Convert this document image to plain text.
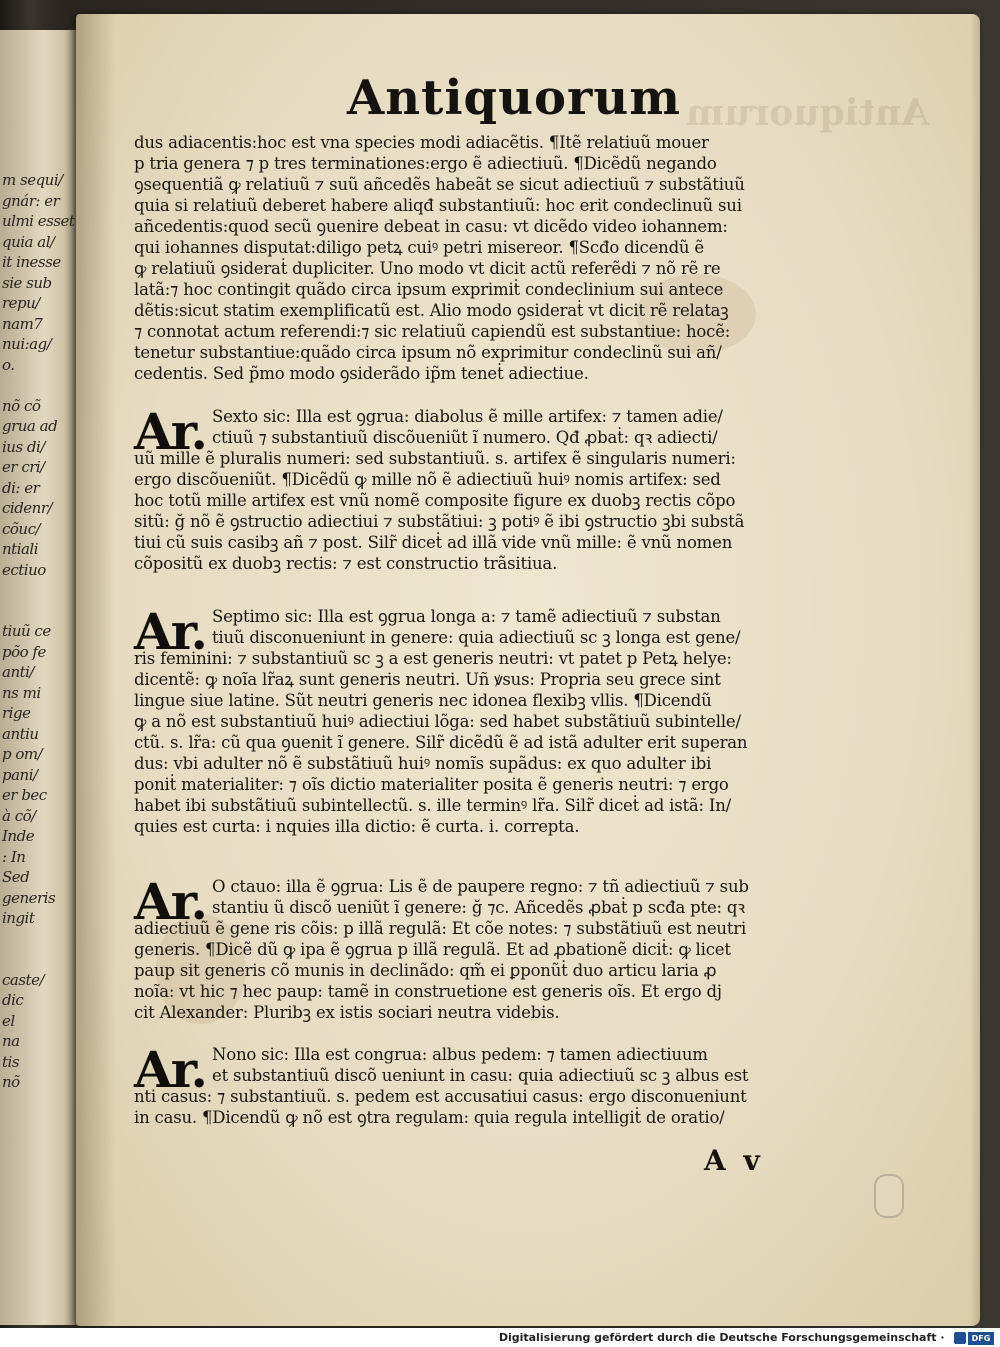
m sequi/
gnár: er
ulmi esset
quia al/
it inesse
sie sub
repu/
nam7
nui:ag/
o.

nõ cõ
grua ad
ius di/
er cri/
di: er
cidenr/
cõuc/
ntiali
ectiuo

tiuũ ce
põo fe
anti/
ns mi
rige
antiu
p om/
pani/
er bec
à cõ/
Inde
: In
Sed
generis
ingit

caste/
dic
el
na
tis
nõ
Antiquorum Antiquorum
dus adiacentis:hoc est vna species modi adiacẽtis. ¶Itẽ relatiuũ mouer
p tria genera ⁊ p tres terminationes:ergo ẽ adiectiuũ. ¶Dicẽdũ negando
ꝯsequentiã ꝙ relatiuũ ⁊ suũ añcedẽs habeãt se sicut adiectiuũ ⁊ substãtiuũ
quia si relatiuũ deberet habere aliqđ substantiuũ: hoc erit condeclinuũ sui
añcedentis:quod secũ ꝯuenire debeat in casu: vt dicẽdo video iohannem:
qui iohannes disputat:diligo petꝝ cuiꝰ petri misereor. ¶Scđo dicendũ ẽ
ꝙ relatiuũ ꝯsideraṫ dupliciter. Uno modo vt dicit actũ referẽdi ⁊ nõ rẽ re
latã:⁊ hoc contingit quãdo circa ipsum exprimiṫ condeclinium sui antece
dẽtis:sicut statim exemplificatũ est. Alio modo ꝯsideraṫ vt dicit rẽ relataꝫ
⁊ connotat actum referendi:⁊ sic relatiuũ capiendũ est substantiue: hocẽ:
tenetur substantiue:quãdo circa ipsum nõ exprimitur condeclinũ sui añ/
cedentis. Sed p̃mo modo ꝯsiderãdo ip̃m teneṫ adiectiue.
Ar. Sexto sic: Illa est ꝯgrua: diabolus ẽ mille artifex: ⁊ tamen adie/
ctiuũ ⁊ substantiuũ discõueniũt ĩ numero. Qđ ꝓbaṫ: qꝛ adiecti/
uũ mille ẽ pluralis numeri: sed substantiuũ. s. artifex ẽ singularis numeri:
ergo discõueniũt. ¶Dicẽdũ ꝙ mille nõ ẽ adiectiuũ huiꝰ nomis artifex: sed
hoc totũ mille artifex est vnũ nomẽ composite figure ex duobꝫ rectis cõpo
sitũ: ğ nõ ẽ ꝯstructio adiectiui ⁊ substãtiui: ꝫ potiꝰ ẽ ibi ꝯstructio ꝫbi substã
tiui cũ suis casibꝫ añ ⁊ post. Silr̃ diceṫ ad illã vide vnũ mille: ẽ vnũ nomen
cõpositũ ex duobꝫ rectis: ⁊ est constructio trãsitiua.
Ar. Septimo sic: Illa est ꝯgrua longa a: ⁊ tamẽ adiectiuũ ⁊ substan
tiuũ disconueniunt in genere: quia adiectiuũ sc ꝫ longa est gene/
ris feminini: ⁊ substantiuũ sc ꝫ a est generis neutri: vt patet p Petꝝ helye:
dicentẽ: ꝙ noĩa lr̃aꝝ sunt generis neutri. Uñ ꝟsus: Propria seu grece sint
lingue siue latine. Sũt neutri generis nec idonea flexibꝫ vllis. ¶Dicendũ
ꝙ a nõ est substantiuũ huiꝰ adiectiui lõga: sed habet substãtiuũ subintelle/
ctũ. s. lr̃a: cũ qua ꝯuenit ĩ genere. Silr̃ dicẽdũ ẽ ad istã adulter erit superan
dus: vbi adulter nõ ẽ substãtiuũ huiꝰ nomĩs supãdus: ex quo adulter ibi
poniṫ materialiter: ⁊ oĩs dictio materialiter posita ẽ generis neutri: ⁊ ergo
habet ibi substãtiuũ subintellectũ. s. ille terminꝰ lr̃a. Silr̃ diceṫ ad istã: In/
quies est curta: i nquies illa dictio: ẽ curta. i. correpta.
Ar. O ctauo: illa ẽ ꝯgrua: Lis ẽ de paupere regno: ⁊ tñ adiectiuũ ⁊ sub
stantiu ũ discõ ueniũt ĩ genere: ğ ⁊c. Añcedẽs ꝓbaṫ p scđa pte: qꝛ
adiectiuũ ẽ gene ris cõis: p illã regulã: Et cõe notes: ⁊ substãtiuũ est neutri
generis. ¶Dicẽ dũ ꝙ ipa ẽ ꝯgrua p illã regulã. Et ad ꝓbationẽ diciṫ: ꝙ licet
paup sit generis cõ munis in declinãdo: qm̃ ei ꝑponũṫ duo articu laria ꝓ
noĩa: vt hic ⁊ hec paup: tamẽ in construetione est generis oĩs. Et ergo dj
cit Alexander: Pluribꝫ ex istis sociari neutra videbis.
Ar. Nono sic: Illa est congrua: albus pedem: ⁊ tamen adiectiuum
et substantiuũ discõ ueniunt in casu: quia adiectiuũ sc ꝫ albus est
nti casus: ⁊ substantiuũ. s. pedem est accusatiui casus: ergo disconueniunt
in casu. ¶Dicendũ ꝙ nõ est ꝯtra regulam: quia regula intelligiṫ de oratio/
A v
Digitalisierung gefördert durch die Deutsche Forschungsgemeinschaft ·	DFG
